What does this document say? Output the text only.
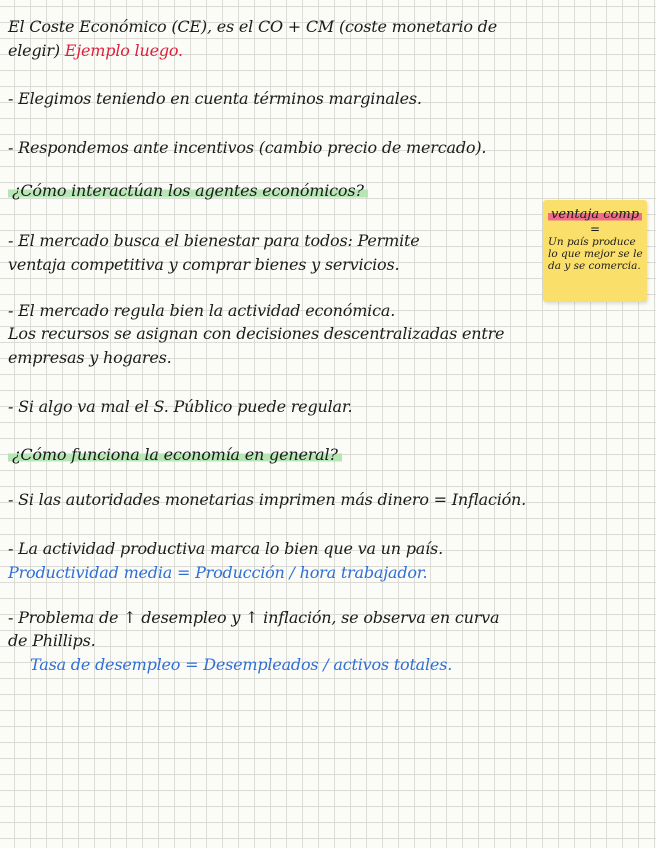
El Coste Económico (CE), es el CO + CM (coste monetario de
elegir) Ejemplo luego.
- Elegimos teniendo en cuenta términos marginales.
- Respondemos ante incentivos (cambio precio de mercado).
¿Cómo interactúan los agentes económicos?
- El mercado busca el bienestar para todos: Permite
ventaja competitiva y comprar bienes y servicios.
- El mercado regula bien la actividad económica.
Los recursos se asignan con decisiones descentralizadas entre
empresas y hogares.
- Si algo va mal el S. Público puede regular.
¿Cómo funciona la economía en general?
- Si las autoridades monetarias imprimen más dinero = Inflación.
- La actividad productiva marca lo bien que va un país.
Productividad media = Producción / hora trabajador.
- Problema de ↑ desempleo y ↑ inflación, se observa en curva
de Phillips.
Tasa de desempleo = Desempleados / activos totales.
ventaja comp
=
Un país produce lo que mejor se le da y se comercia.
